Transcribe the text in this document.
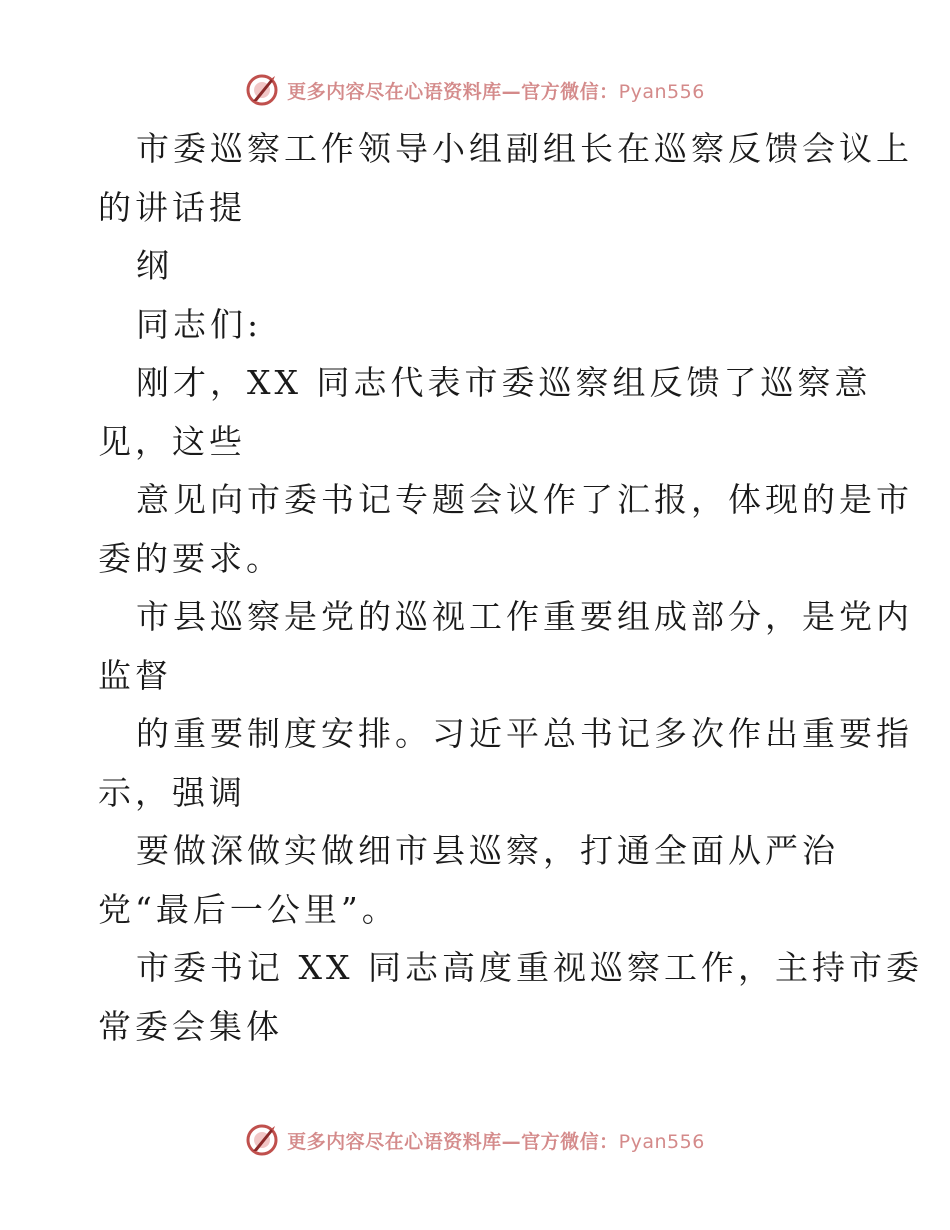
更多内容尽在心语资料库—官方微信：Pyan556
市委巡察工作领导小组副组长在巡察反馈会议上
的讲话提
纲
同志们:
刚才，XX 同志代表市委巡察组反馈了巡察意
见，这些
意见向市委书记专题会议作了汇报，体现的是市
委的要求。
市县巡察是党的巡视工作重要组成部分，是党内
监督
的重要制度安排。习近平总书记多次作出重要指
示，强调
要做深做实做细市县巡察，打通全面从严治
党“最后一公里”。
市委书记 XX 同志高度重视巡察工作，主持市委
常委会集体
更多内容尽在心语资料库—官方微信：Pyan556
